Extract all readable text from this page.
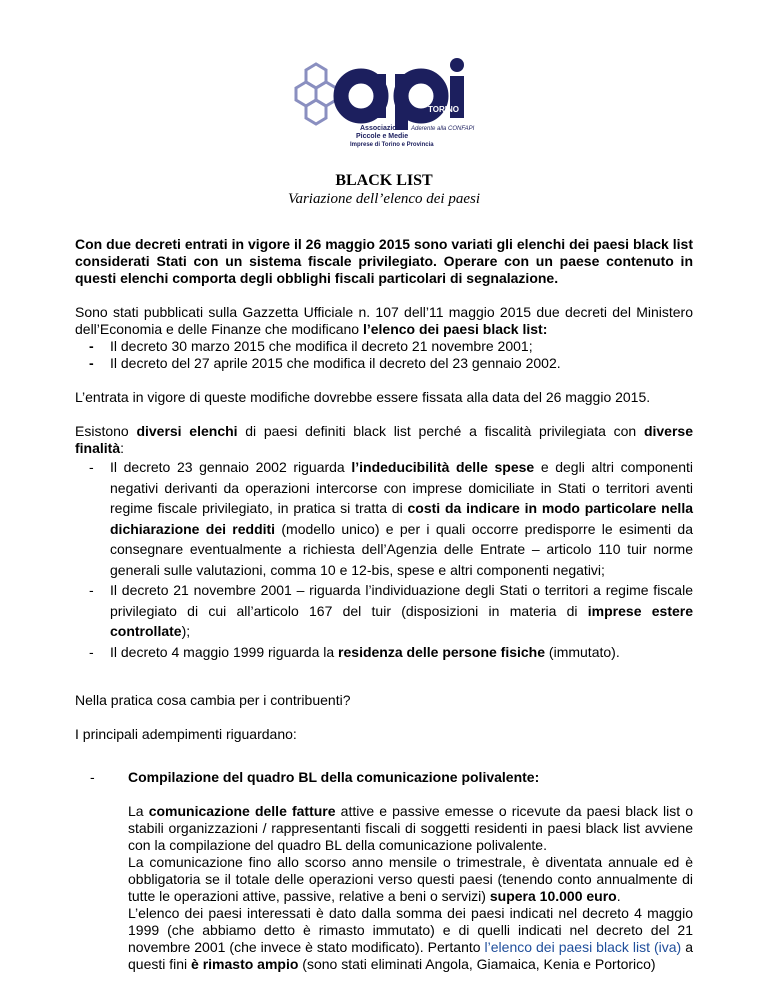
Associazione
Piccole e Medie
Imprese di Torino e Provincia
TORINO
Aderente alla CONFAPI
BLACK LIST
Variazione dell’elenco dei paesi

Con due decreti entrati in vigore il 26 maggio 2015 sono variati gli elenchi dei paesi black list considerati Stati con un sistema fiscale privilegiato. Operare con un paese contenuto in questi elenchi comporta degli obblighi fiscali particolari di segnalazione.

Sono stati pubblicati sulla Gazzetta Ufficiale n. 107 dell’11 maggio 2015 due decreti del Ministero dell’Economia e delle Finanze che modificano l’elenco dei paesi black list:

- Il decreto 30 marzo 2015 che modifica il decreto 21 novembre 2001;
- Il decreto del 27 aprile 2015 che modifica il decreto del 23 gennaio 2002.

L’entrata in vigore di queste modifiche dovrebbe essere fissata alla data del 26 maggio 2015.

Esistono diversi elenchi di paesi definiti black list perché a fiscalità privilegiata con diverse finalità:

- Il decreto 23 gennaio 2002 riguarda l’indeducibilità delle spese e degli altri componenti negativi derivanti da operazioni intercorse con imprese domiciliate in Stati o territori aventi regime fiscale privilegiato, in pratica si tratta di costi da indicare in modo particolare nella dichiarazione dei redditi (modello unico) e per i quali occorre predisporre le esimenti da consegnare eventualmente a richiesta dell’Agenzia delle Entrate – articolo 110 tuir norme generali sulle valutazioni, comma 10 e 12-bis, spese e altri componenti negativi;
- Il decreto 21 novembre 2001 – riguarda l’individuazione degli Stati o territori a regime fiscale privilegiato di cui all’articolo 167 del tuir (disposizioni in materia di imprese estere controllate);
- Il decreto 4 maggio 1999 riguarda la residenza delle persone fisiche (immutato).

Nella pratica cosa cambia per i contribuenti?

I principali adempimenti riguardano:

- Compilazione del quadro BL della comunicazione polivalente:
La comunicazione delle fatture attive e passive emesse o ricevute da paesi black list o stabili organizzazioni / rappresentanti fiscali di soggetti residenti in paesi black list avviene con la compilazione del quadro BL della comunicazione polivalente.
La comunicazione fino allo scorso anno mensile o trimestrale, è diventata annuale ed è obbligatoria se il totale delle operazioni verso questi paesi (tenendo conto annualmente di tutte le operazioni attive, passive, relative a beni o servizi) supera 10.000 euro.
L’elenco dei paesi interessati è dato dalla somma dei paesi indicati nel decreto 4 maggio 1999 (che abbiamo detto è rimasto immutato) e di quelli indicati nel decreto del 21 novembre 2001 (che invece è stato modificato). Pertanto l’elenco dei paesi black list (iva) a questi fini è rimasto ampio (sono stati eliminati Angola, Giamaica, Kenia e Portorico)
